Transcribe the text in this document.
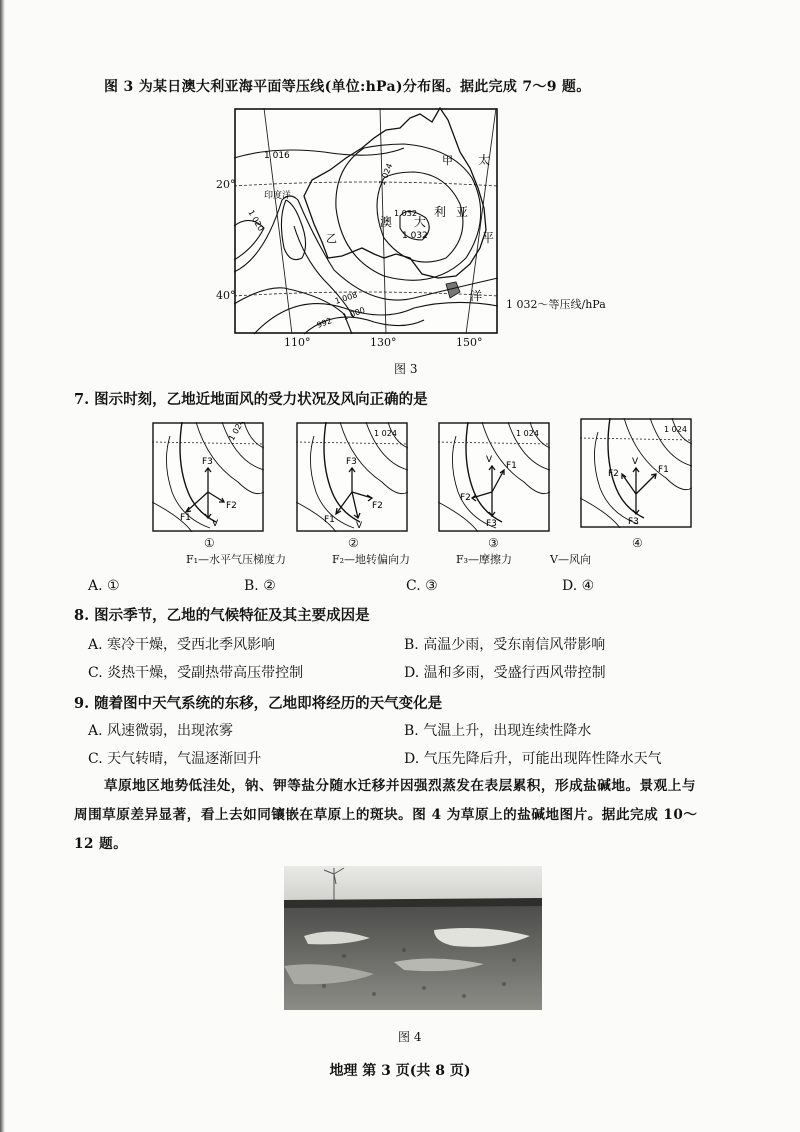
图 3 为某日澳大利亚海平面等压线(单位:hPa)分布图。据此完成 7～9 题。
1 016
1 024
1 032
1 032
1 020
1 008
1 000
992
印度洋
甲
乙
澳 大
利 亚
太
平
洋
20°
40°
110°	130°	150°
1 032～等压线/hPa
图 3
7. 图示时刻，乙地近地面风的受力状况及风向正确的是
F3
F1
V
F2
1 024
F3
F1
V
F2
1 024
V
F1
F2
F3
1 024
F2
V
F1
F3
1 024
①	②	③	④
F₁—水平气压梯度力	F₂—地转偏向力	F₃—摩擦力	V—风向
A. ①	B. ②	C. ③	D. ④
8. 图示季节，乙地的气候特征及其主要成因是
A. 寒冷干燥，受西北季风影响	B. 高温少雨，受东南信风带影响
C. 炎热干燥，受副热带高压带控制	D. 温和多雨，受盛行西风带控制
9. 随着图中天气系统的东移，乙地即将经历的天气变化是
A. 风速微弱，出现浓雾	B. 气温上升，出现连续性降水
C. 天气转晴，气温逐渐回升	D. 气压先降后升，可能出现阵性降水天气
草原地区地势低洼处，钠、钾等盐分随水迁移并因强烈蒸发在表层累积，形成盐碱地。景观上与
周围草原差异显著，看上去如同镶嵌在草原上的斑块。图 4 为草原上的盐碱地图片。据此完成 10～
12 题。
图 4
地理 第 3 页(共 8 页)
